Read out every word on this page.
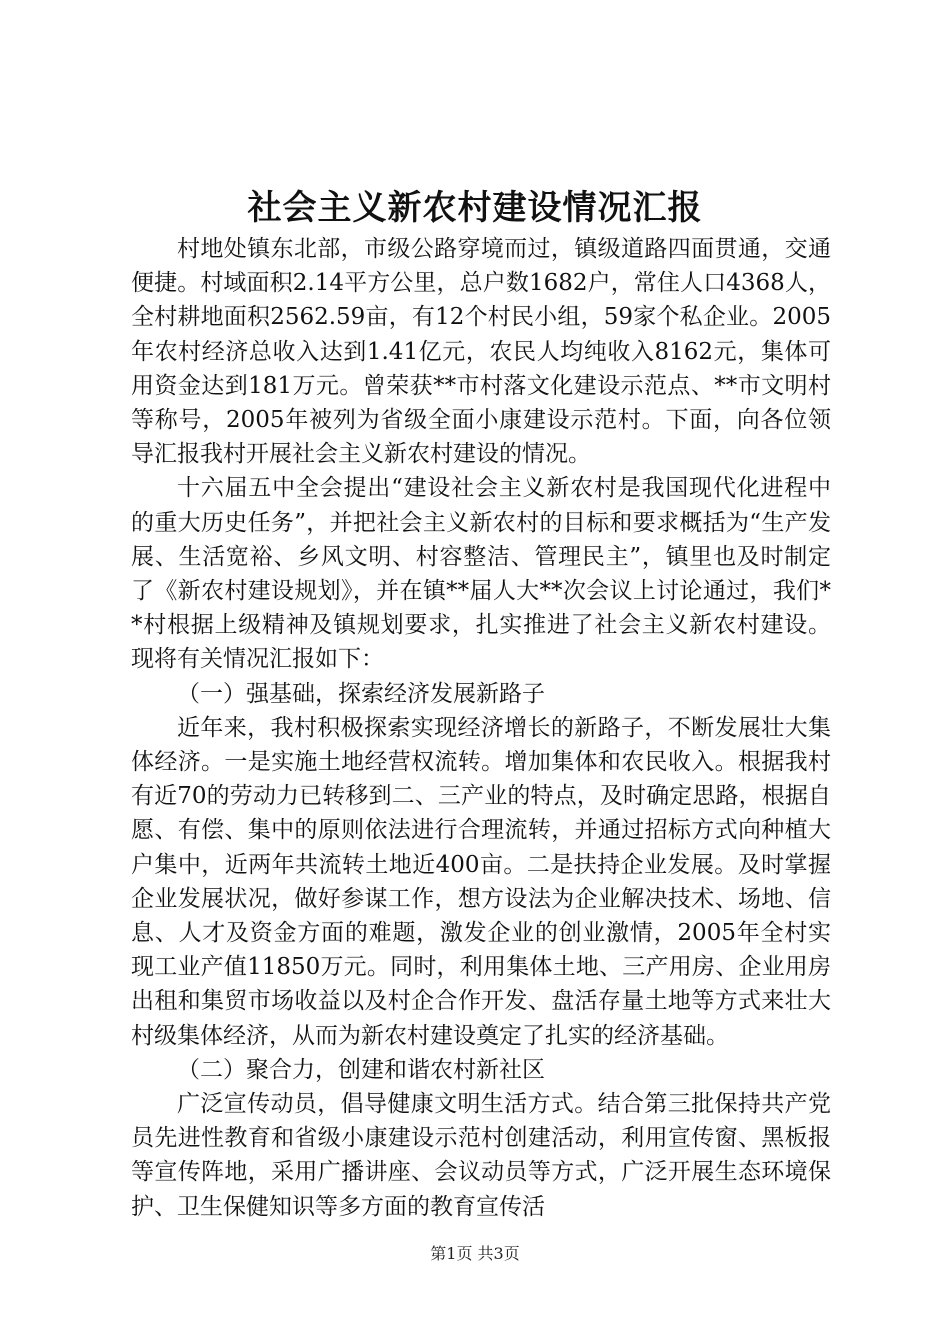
社会主义新农村建设情况汇报

村地处镇东北部，市级公路穿境而过，镇级道路四面贯通，交通便捷。村域面积2.14平方公里，总户数1682户，常住人口4368人，全村耕地面积2562.59亩，有12个村民小组，59家个私企业。2005年农村经济总收入达到1.41亿元，农民人均纯收入8162元，集体可用资金达到181万元。曾荣获**市村落文化建设示范点、**市文明村等称号，2005年被列为省级全面小康建设示范村。下面，向各位领导汇报我村开展社会主义新农村建设的情况。

十六届五中全会提出“建设社会主义新农村是我国现代化进程中的重大历史任务”，并把社会主义新农村的目标和要求概括为“生产发展、生活宽裕、乡风文明、村容整洁、管理民主”，镇里也及时制定了《新农村建设规划》，并在镇**届人大**次会议上讨论通过，我们**村根据上级精神及镇规划要求，扎实推进了社会主义新农村建设。现将有关情况汇报如下：

（一）强基础，探索经济发展新路子

近年来，我村积极探索实现经济增长的新路子，不断发展壮大集体经济。一是实施土地经营权流转。增加集体和农民收入。根据我村有近70的劳动力已转移到二、三产业的特点，及时确定思路，根据自愿、有偿、集中的原则依法进行合理流转，并通过招标方式向种植大户集中，近两年共流转土地近400亩。二是扶持企业发展。及时掌握企业发展状况，做好参谋工作，想方设法为企业解决技术、场地、信息、人才及资金方面的难题，激发企业的创业激情，2005年全村实现工业产值11850万元。同时，利用集体土地、三产用房、企业用房出租和集贸市场收益以及村企合作开发、盘活存量土地等方式来壮大村级集体经济，从而为新农村建设奠定了扎实的经济基础。

（二）聚合力，创建和谐农村新社区

广泛宣传动员，倡导健康文明生活方式。结合第三批保持共产党员先进性教育和省级小康建设示范村创建活动，利用宣传窗、黑板报等宣传阵地，采用广播讲座、会议动员等方式，广泛开展生态环境保护、卫生保健知识等多方面的教育宣传活

第1页 共3页
